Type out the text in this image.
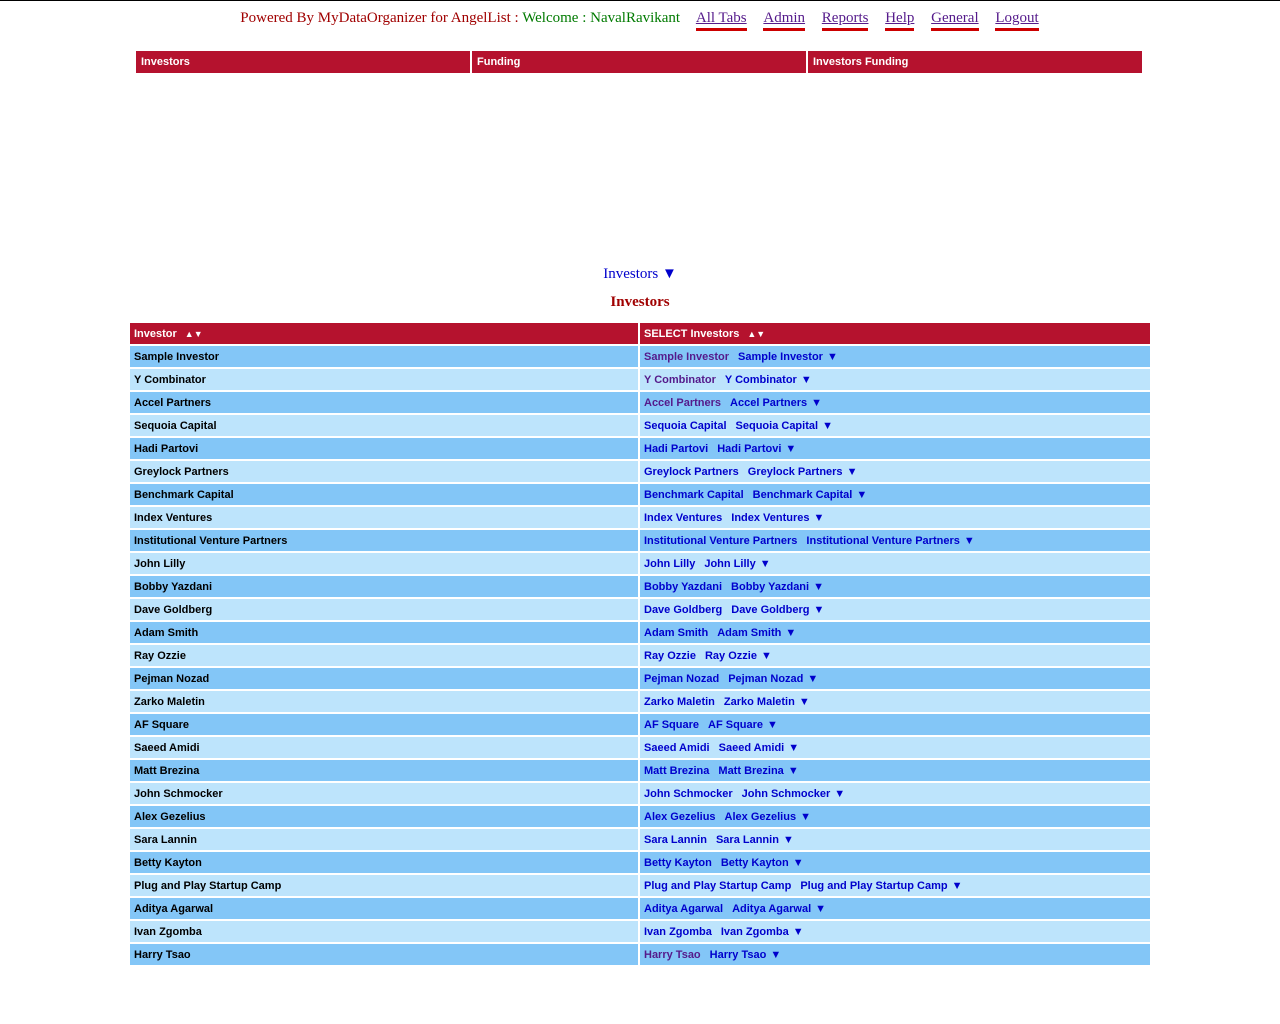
Powered By MyDataOrganizer for AngelList : Welcome : NavalRavikant All Tabs Admin Reports Help General Logout
Investors	Funding	Investors Funding
Investors ▼
Investors
Investor ▲▼	SELECT Investors ▲▼
Sample Investor	Sample Investor Sample Investor ▼
Y Combinator	Y Combinator Y Combinator ▼
Accel Partners	Accel Partners Accel Partners ▼
Sequoia Capital	Sequoia Capital Sequoia Capital ▼
Hadi Partovi	Hadi Partovi Hadi Partovi ▼
Greylock Partners	Greylock Partners Greylock Partners ▼
Benchmark Capital	Benchmark Capital Benchmark Capital ▼
Index Ventures	Index Ventures Index Ventures ▼
Institutional Venture Partners	Institutional Venture Partners Institutional Venture Partners ▼
John Lilly	John Lilly John Lilly ▼
Bobby Yazdani	Bobby Yazdani Bobby Yazdani ▼
Dave Goldberg	Dave Goldberg Dave Goldberg ▼
Adam Smith	Adam Smith Adam Smith ▼
Ray Ozzie	Ray Ozzie Ray Ozzie ▼
Pejman Nozad	Pejman Nozad Pejman Nozad ▼
Zarko Maletin	Zarko Maletin Zarko Maletin ▼
AF Square	AF Square AF Square ▼
Saeed Amidi	Saeed Amidi Saeed Amidi ▼
Matt Brezina	Matt Brezina Matt Brezina ▼
John Schmocker	John Schmocker John Schmocker ▼
Alex Gezelius	Alex Gezelius Alex Gezelius ▼
Sara Lannin	Sara Lannin Sara Lannin ▼
Betty Kayton	Betty Kayton Betty Kayton ▼
Plug and Play Startup Camp	Plug and Play Startup Camp Plug and Play Startup Camp ▼
Aditya Agarwal	Aditya Agarwal Aditya Agarwal ▼
Ivan Zgomba	Ivan Zgomba Ivan Zgomba ▼
Harry Tsao	Harry Tsao Harry Tsao ▼
